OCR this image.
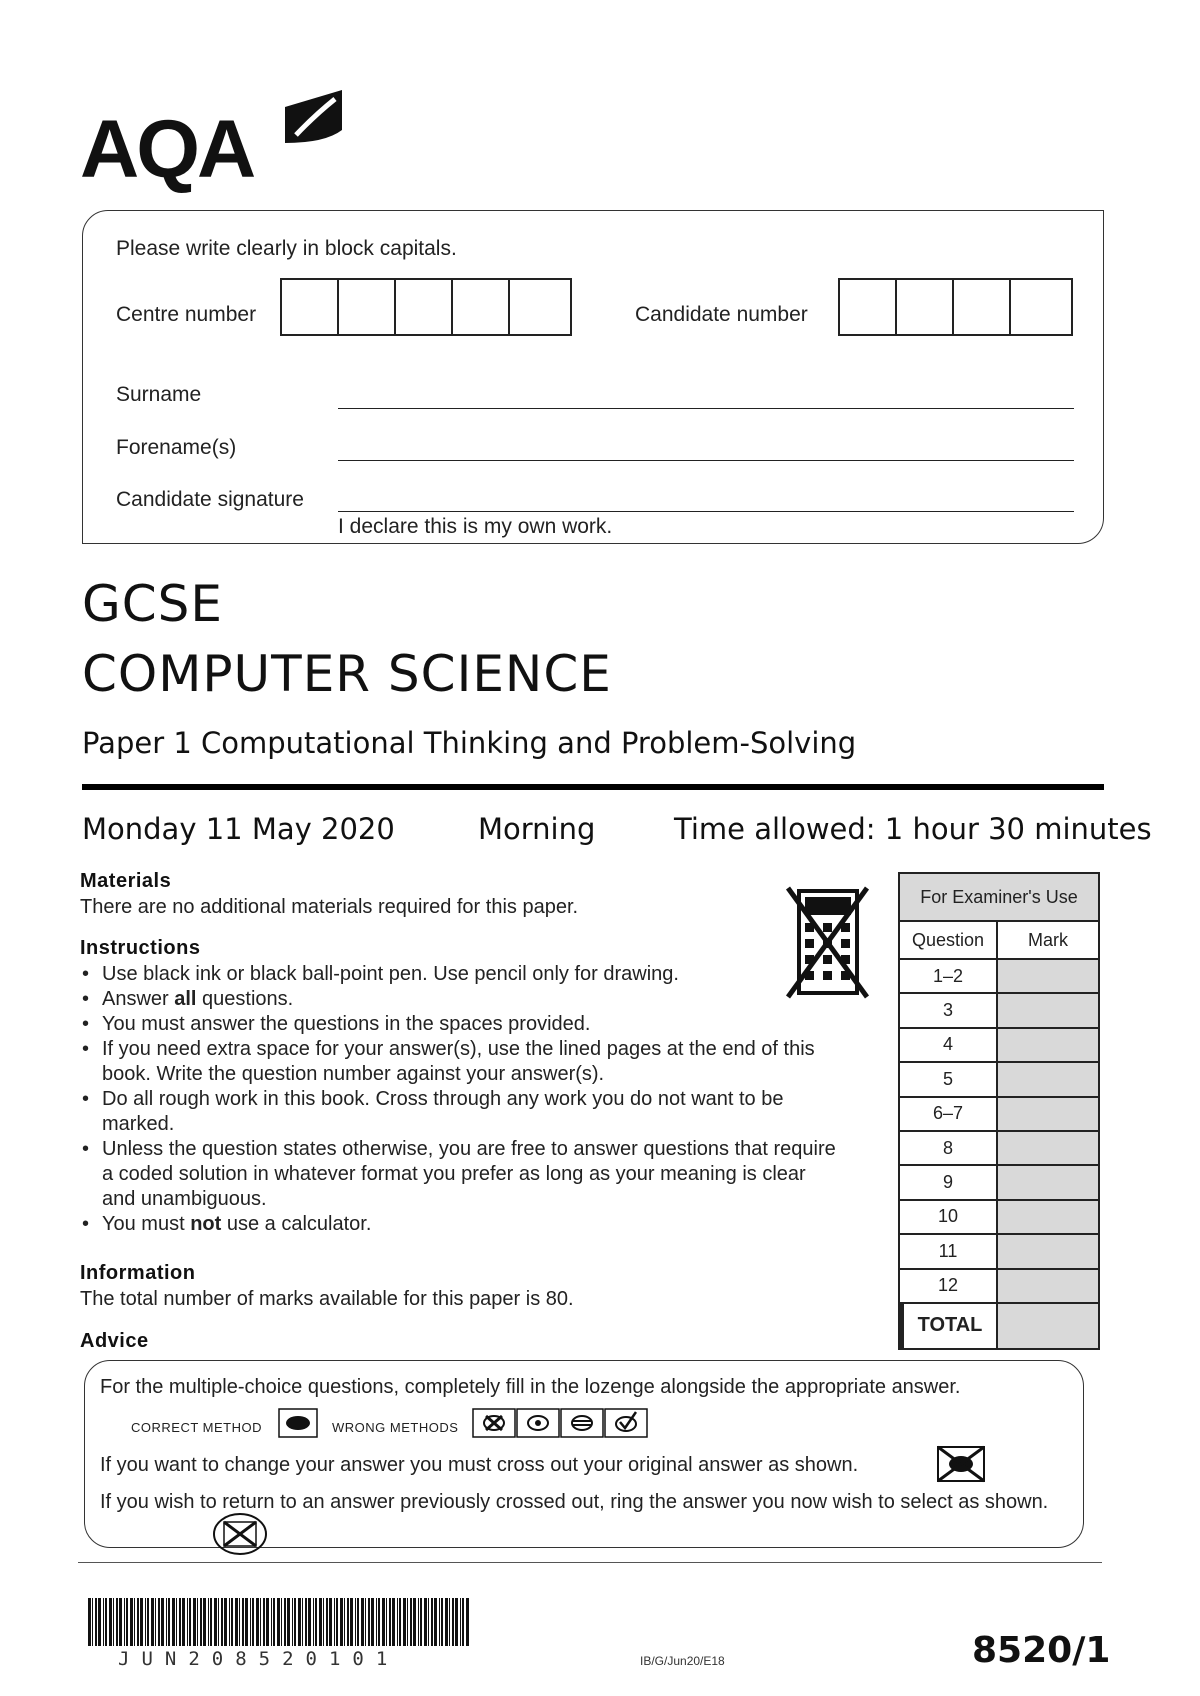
AQA
Please write clearly in block capitals.
Centre number	Candidate number
Surname
Forename(s)
Candidate signature
I declare this is my own work.
GCSE
COMPUTER SCIENCE
Paper 1 Computational Thinking and Problem-Solving
Monday 11 May 2020	Morning	Time allowed: 1 hour 30 minutes
Materials
There are no additional materials required for this paper.
Instructions
• Use black ink or black ball-point pen. Use pencil only for drawing.
• Answer all questions.
• You must answer the questions in the spaces provided.
• If you need extra space for your answer(s), use the lined pages at the end of this book. Write the question number against your answer(s).
• Do all rough work in this book. Cross through any work you do not want to be marked.
• Unless the question states otherwise, you are free to answer questions that require a coded solution in whatever format you prefer as long as your meaning is clear and unambiguous.
• You must not use a calculator.
Information
The total number of marks available for this paper is 80.
Advice
For the multiple-choice questions, completely fill in the lozenge alongside the appropriate answer.
CORRECT METHOD	WRONG METHODS
If you want to change your answer you must cross out your original answer as shown.
If you wish to return to an answer previously crossed out, ring the answer you now wish to select as shown.
For Examiner's Use
Question	Mark
1–2
3
4
5
6–7
8
9
10
11
12
TOTAL
JUN208520101	IB/G/Jun20/E18	8520/1
